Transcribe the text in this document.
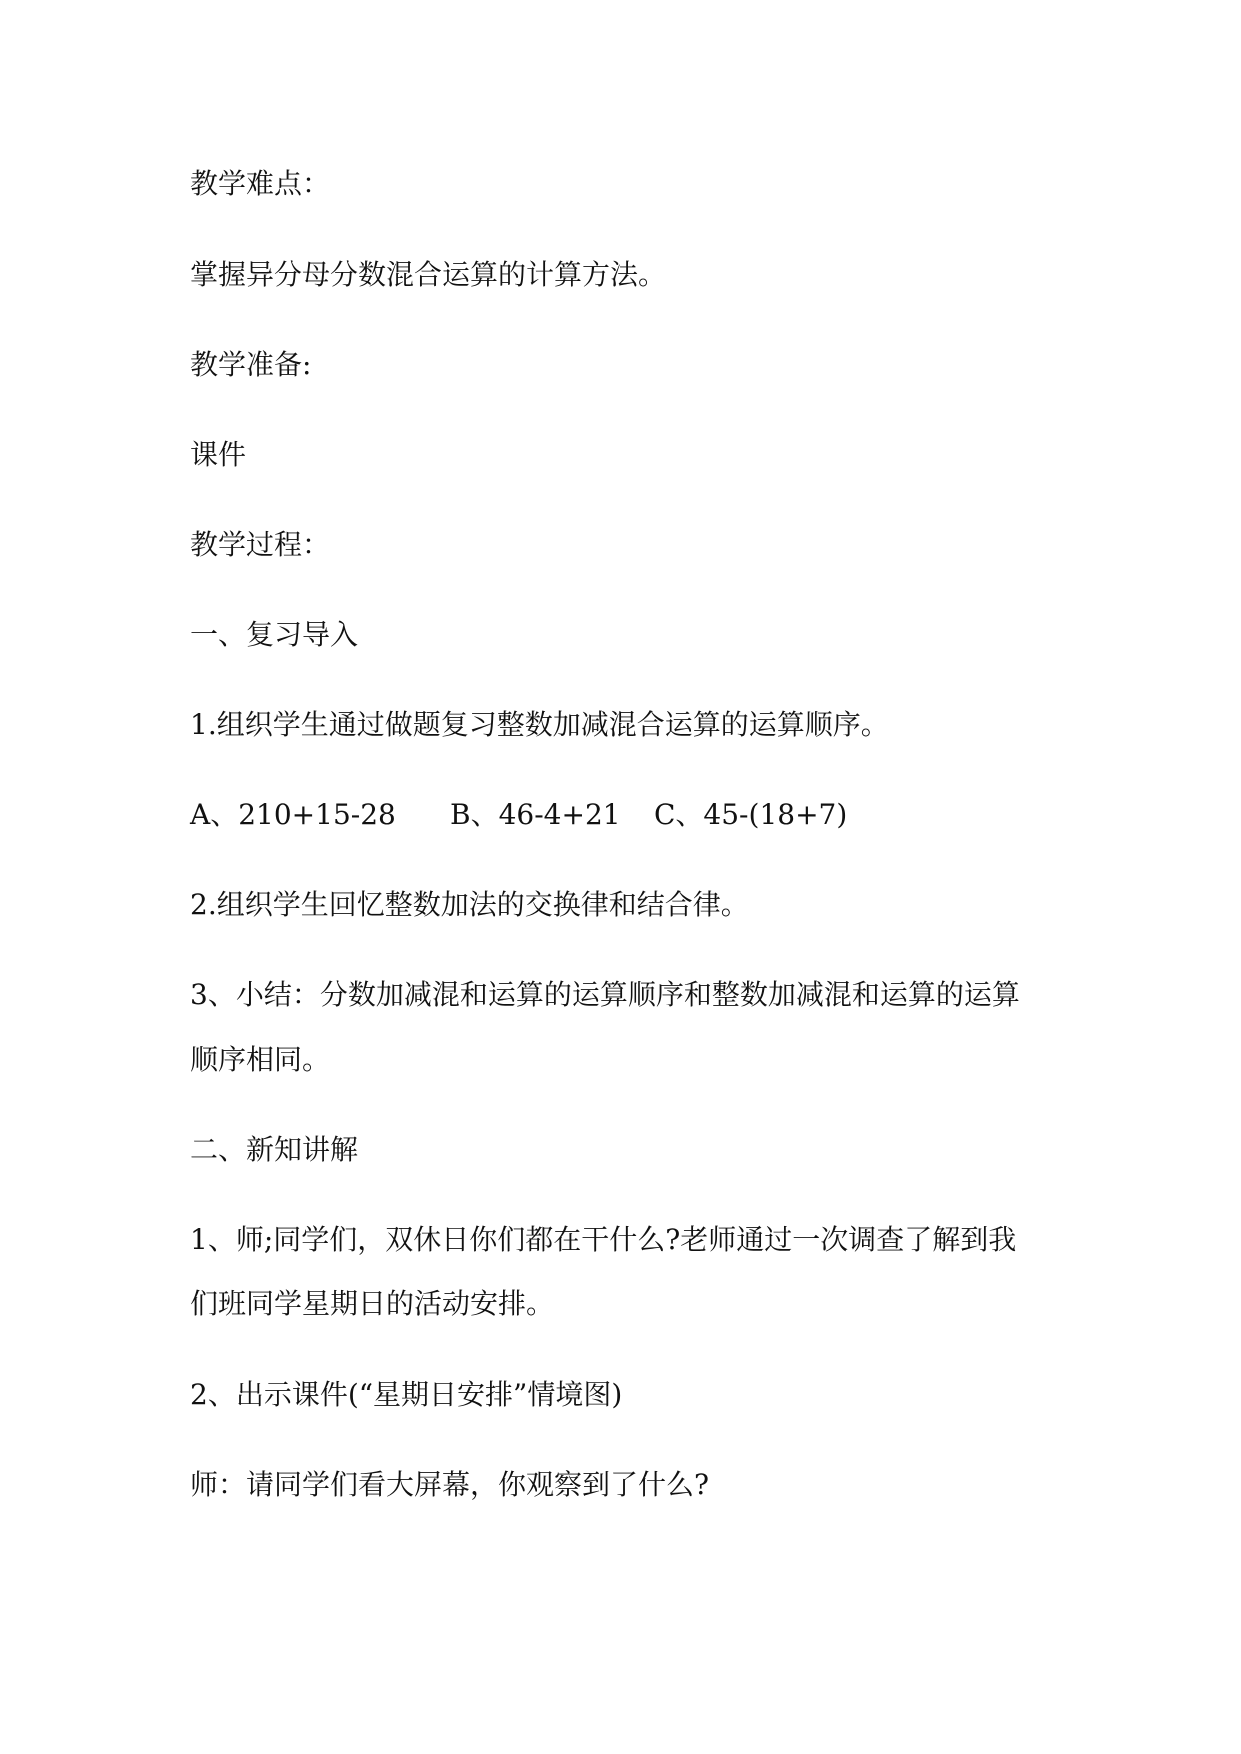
教学难点：

掌握异分母分数混合运算的计算方法。

教学准备:

课件

教学过程：

一、复习导入

1.组织学生通过做题复习整数加减混合运算的运算顺序。

A、210+15-28 B、46-4+21 C、45-(18+7)

2.组织学生回忆整数加法的交换律和结合律。

3、小结：分数加减混和运算的运算顺序和整数加减混和运算的运算

顺序相同。

二、新知讲解

1、师;同学们，双休日你们都在干什么?老师通过一次调查了解到我

们班同学星期日的活动安排。

2、出示课件(“星期日安排”情境图)

师：请同学们看大屏幕，你观察到了什么?
